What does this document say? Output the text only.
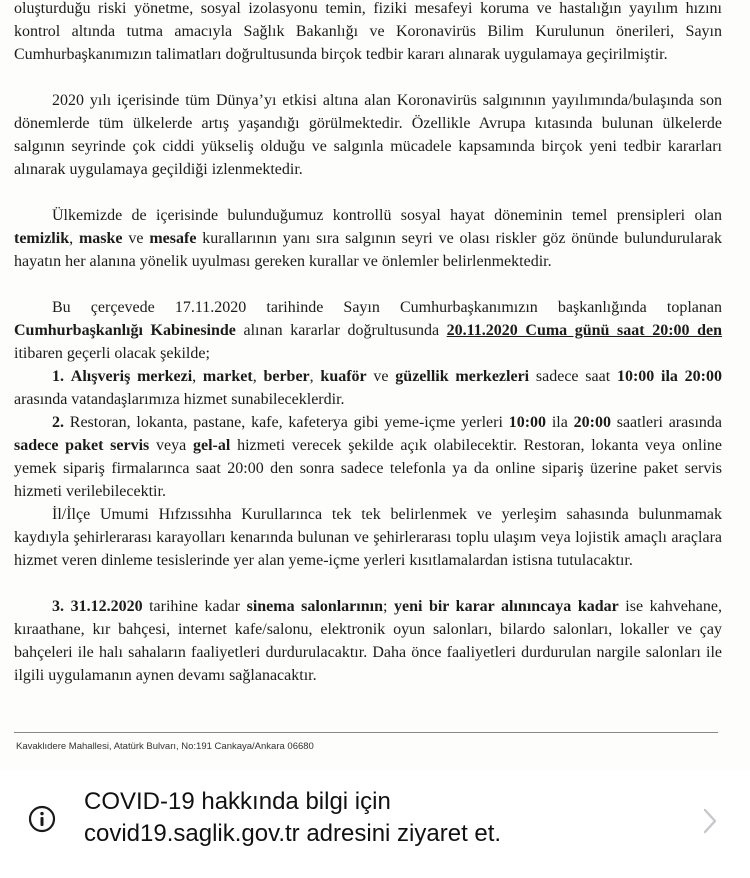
oluşturduğu riski yönetme, sosyal izolasyonu temin, fiziki mesafeyi koruma ve hastalığın yayılım hızını kontrol altında tutma amacıyla Sağlık Bakanlığı ve Koronavirüs Bilim Kurulunun önerileri, Sayın Cumhurbaşkanımızın talimatları doğrultusunda birçok tedbir kararı alınarak uygulamaya geçirilmiştir.

2020 yılı içerisinde tüm Dünya’yı etkisi altına alan Koronavirüs salgınının yayılımında/bulaşında son dönemlerde tüm ülkelerde artış yaşandığı görülmektedir. Özellikle Avrupa kıtasında bulunan ülkelerde salgının seyrinde çok ciddi yükseliş olduğu ve salgınla mücadele kapsamında birçok yeni tedbir kararları alınarak uygulamaya geçildiği izlenmektedir.

Ülkemizde de içerisinde bulunduğumuz kontrollü sosyal hayat döneminin temel prensipleri olan temizlik, maske ve mesafe kurallarının yanı sıra salgının seyri ve olası riskler göz önünde bulundurularak hayatın her alanına yönelik uyulması gereken kurallar ve önlemler belirlenmektedir.

Bu çerçevede 17.11.2020 tarihinde Sayın Cumhurbaşkanımızın başkanlığında toplanan Cumhurbaşkanlığı Kabinesinde alınan kararlar doğrultusunda 20.11.2020 Cuma günü saat 20:00 den itibaren geçerli olacak şekilde;

1. Alışveriş merkezi, market, berber, kuaför ve güzellik merkezleri sadece saat 10:00 ila 20:00 arasında vatandaşlarımıza hizmet sunabileceklerdir.

2. Restoran, lokanta, pastane, kafe, kafeterya gibi yeme-içme yerleri 10:00 ila 20:00 saatleri arasında sadece paket servis veya gel-al hizmeti verecek şekilde açık olabilecektir. Restoran, lokanta veya online yemek sipariş firmalarınca saat 20:00 den sonra sadece telefonla ya da online sipariş üzerine paket servis hizmeti verilebilecektir.

İl/İlçe Umumi Hıfzıssıhha Kurullarınca tek tek belirlenmek ve yerleşim sahasında bulunmamak kaydıyla şehirlerarası karayolları kenarında bulunan ve şehirlerarası toplu ulaşım veya lojistik amaçlı araçlara hizmet veren dinleme tesislerinde yer alan yeme-içme yerleri kısıtlamalardan istisna tutulacaktır.

3. 31.12.2020 tarihine kadar sinema salonlarının; yeni bir karar alınıncaya kadar ise kahvehane, kıraathane, kır bahçesi, internet kafe/salonu, elektronik oyun salonları, bilardo salonları, lokaller ve çay bahçeleri ile halı sahaların faaliyetleri durdurulacaktır. Daha önce faaliyetleri durdurulan nargile salonları ile ilgili uygulamanın aynen devamı sağlanacaktır.

Kavaklıdere Mahallesi, Atatürk Bulvarı, No:191 Cankaya/Ankara 06680
COVID-19 hakkında bilgi için
covid19.saglik.gov.tr adresini ziyaret et.
